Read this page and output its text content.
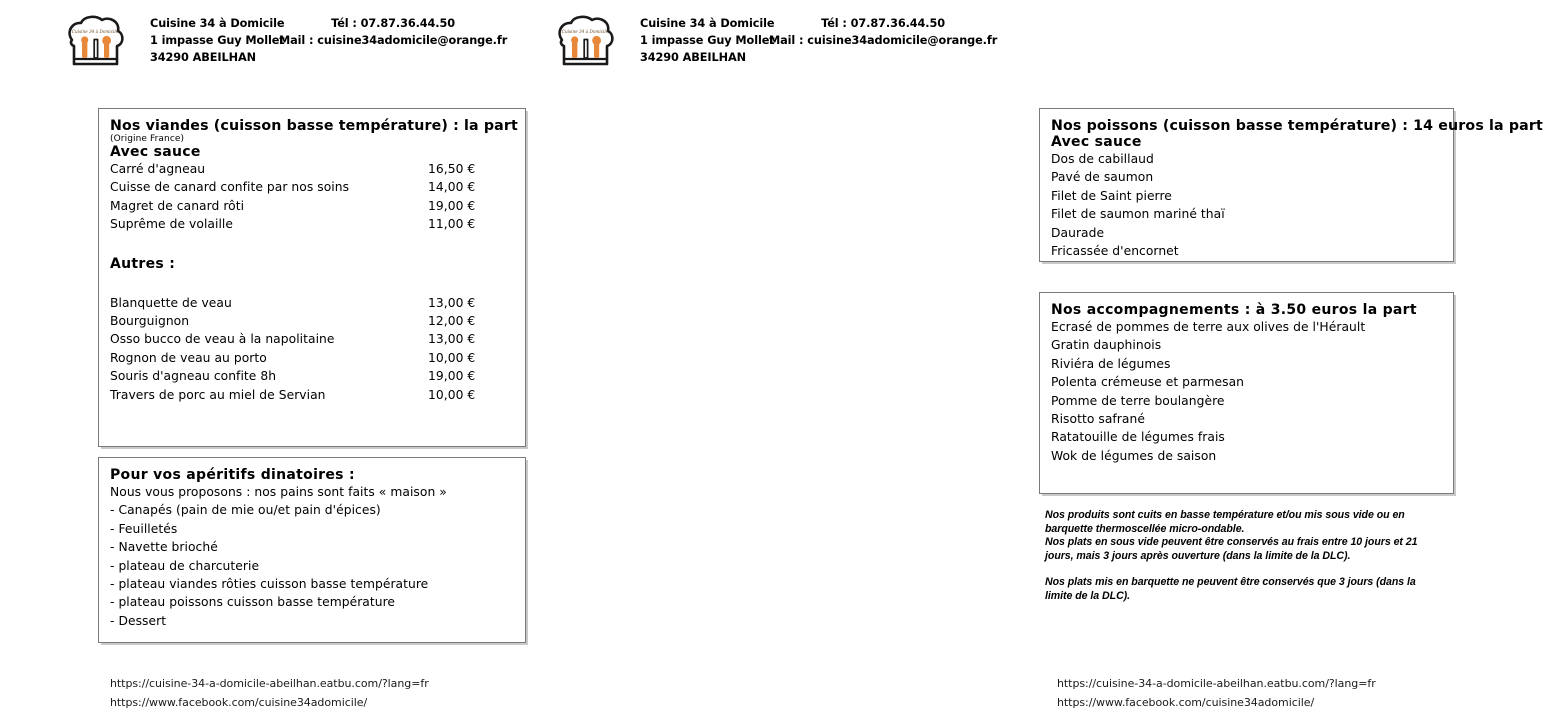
Cuisine 34 à Domicile
Cuisine 34 à Domicile
1 impasse Guy Mollet
34290 ABEILHAN
Tél : 07.87.36.44.50
Mail : cuisine34adomicile@orange.fr
Nos viandes (cuisson basse température) : la part
(Origine France)
Avec sauce
Carré d'agneau	16,50 €
Cuisse de canard confite par nos soins	14,00 €
Magret de canard rôti	19,00 €
Suprême de volaille	11,00 €
Autres :
Blanquette de veau	13,00 €
Bourguignon	12,00 €
Osso bucco de veau à la napolitaine	13,00 €
Rognon de veau au porto	10,00 €
Souris d'agneau confite 8h	19,00 €
Travers de porc au miel de Servian	10,00 €
Pour vos apéritifs dinatoires :
Nous vous proposons : nos pains sont faits « maison »
- Canapés (pain de mie ou/et pain d'épices)
- Feuilletés
- Navette brioché
- plateau de charcuterie
- plateau viandes rôties cuisson basse température
- plateau poissons cuisson basse température
- Dessert
https://cuisine-34-a-domicile-abeilhan.eatbu.com/?lang=fr
https://www.facebook.com/cuisine34adomicile/
Cuisine 34 à Domicile
Cuisine 34 à Domicile
1 impasse Guy Mollet
34290 ABEILHAN
Tél : 07.87.36.44.50
Mail : cuisine34adomicile@orange.fr
Nos poissons (cuisson basse température) : 14 euros la part
Avec sauce
Dos de cabillaud
Pavé de saumon
Filet de Saint pierre
Filet de saumon mariné thaï
Daurade
Fricassée d'encornet
Nos accompagnements : à 3.50 euros la part
Ecrasé de pommes de terre aux olives de l'Hérault
Gratin dauphinois
Riviéra de légumes
Polenta crémeuse et parmesan
Pomme de terre boulangère
Risotto safrané
Ratatouille de légumes frais
Wok de légumes de saison

Nos produits sont cuits en basse température et/ou mis sous vide ou en barquette thermoscellée micro-ondable.

Nos plats en sous vide peuvent être conservés au frais entre 10 jours et 21 jours, mais 3 jours après ouverture (dans la limite de la DLC).

Nos plats mis en barquette ne peuvent être conservés que 3 jours (dans la limite de la DLC).

https://cuisine-34-a-domicile-abeilhan.eatbu.com/?lang=fr
https://www.facebook.com/cuisine34adomicile/
